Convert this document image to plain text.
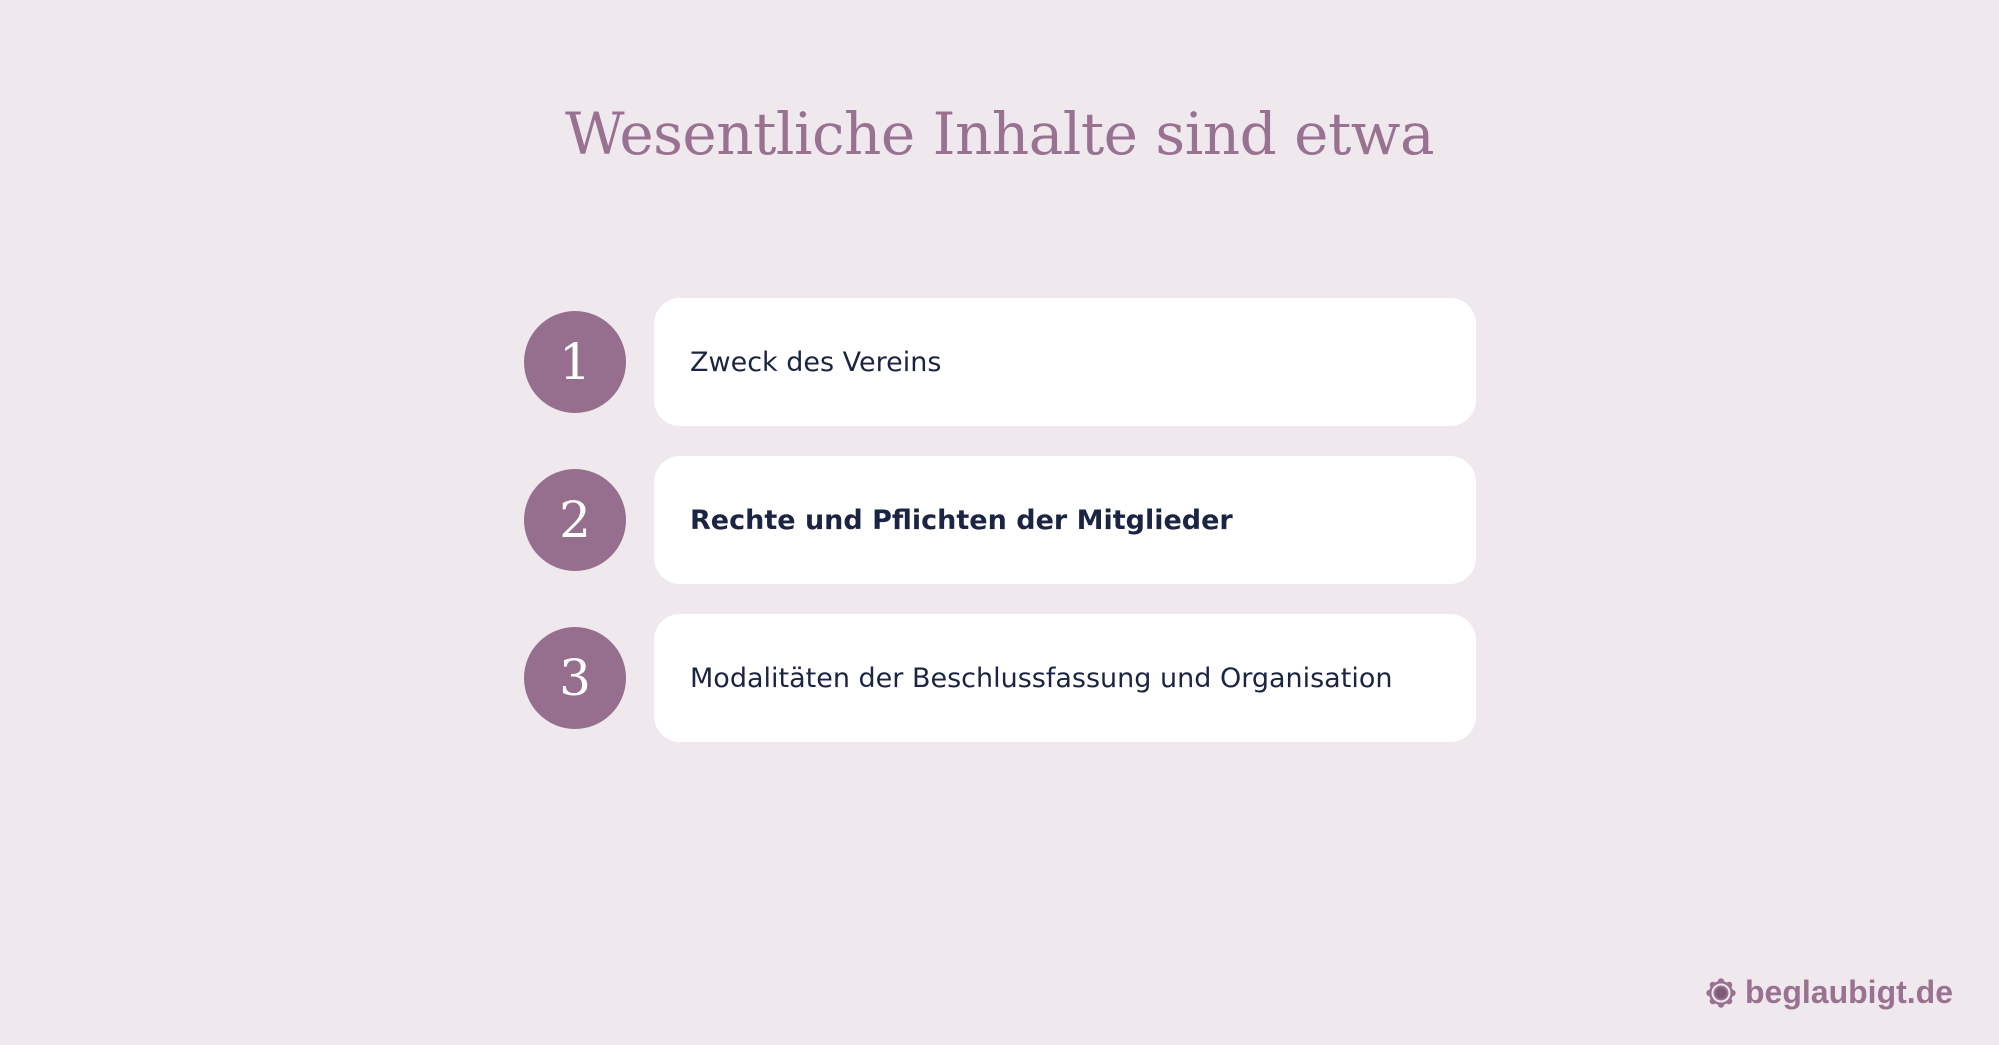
Wesentliche Inhalte sind etwa
1	Zweck des Vereins
2	Rechte und Pflichten der Mitglieder
3	Modalitäten der Beschlussfassung und Organisation
beglaubigt.de
